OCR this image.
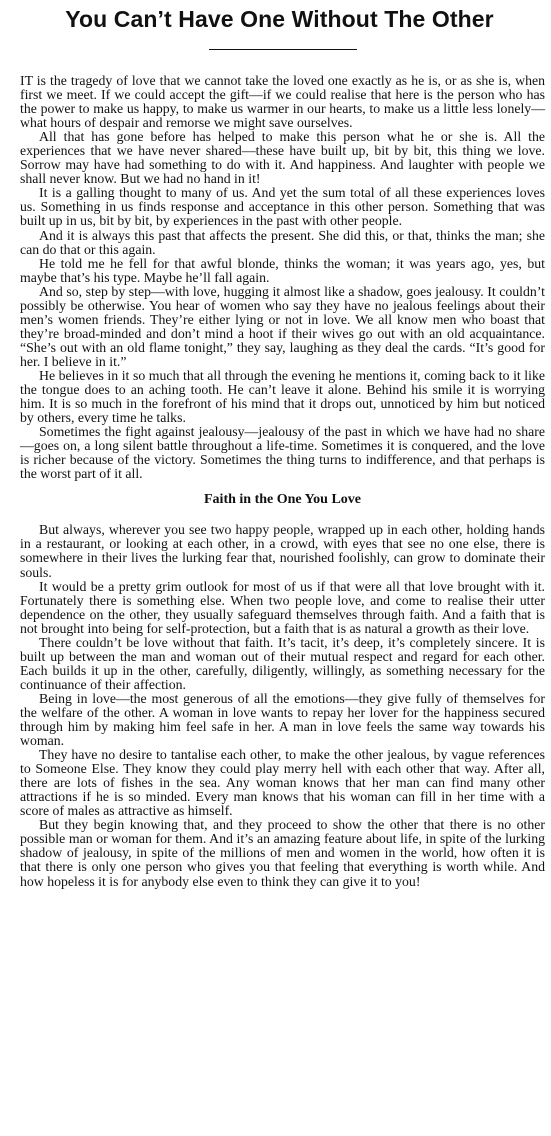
You Can’t Have One Without The Other

IT is the tragedy of love that we cannot take the loved one exactly as he is, or as she is, when first we meet. If we could accept the gift—if we could realise that here is the person who has the power to make us happy, to make us warmer in our hearts, to make us a little less lonely—what hours of despair and remorse we might save ourselves.

All that has gone before has helped to make this person what he or she is. All the experiences that we have never shared—these have built up, bit by bit, this thing we love. Sorrow may have had something to do with it. And happiness. And laughter with people we shall never know. But we had no hand in it!

It is a galling thought to many of us. And yet the sum total of all these experiences loves us. Something in us finds response and acceptance in this other person. Something that was built up in us, bit by bit, by experiences in the past with other people.

And it is always this past that affects the present. She did this, or that, thinks the man; she can do that or this again.

He told me he fell for that awful blonde, thinks the woman; it was years ago, yes, but maybe that’s his type. Maybe he’ll fall again.

And so, step by step—with love, hugging it almost like a shadow, goes jealousy. It couldn’t possibly be otherwise. You hear of women who say they have no jealous feelings about their men’s women friends. They’re either lying or not in love. We all know men who boast that they’re broad-minded and don’t mind a hoot if their wives go out with an old acquaintance. “She’s out with an old flame tonight,” they say, laughing as they deal the cards. “It’s good for her. I believe in it.”

He believes in it so much that all through the evening he mentions it, coming back to it like the tongue does to an aching tooth. He can’t leave it alone. Behind his smile it is worrying him. It is so much in the forefront of his mind that it drops out, unnoticed by him but noticed by others, every time he talks.

Sometimes the fight against jealousy—jealousy of the past in which we have had no share—goes on, a long silent battle throughout a life-time. Sometimes it is conquered, and the love is richer because of the victory. Sometimes the thing turns to indifference, and that perhaps is the worst part of it all.

Faith in the One You Love

But always, wherever you see two happy people, wrapped up in each other, holding hands in a restaurant, or looking at each other, in a crowd, with eyes that see no one else, there is somewhere in their lives the lurking fear that, nourished foolishly, can grow to dominate their souls.

It would be a pretty grim outlook for most of us if that were all that love brought with it. Fortunately there is something else. When two people love, and come to realise their utter dependence on the other, they usually safeguard themselves through faith. And a faith that is not brought into being for self-protection, but a faith that is as natural a growth as their love.

There couldn’t be love without that faith. It’s tacit, it’s deep, it’s completely sincere. It is built up between the man and woman out of their mutual respect and regard for each other. Each builds it up in the other, carefully, diligently, willingly, as something necessary for the continuance of their affection.

Being in love—the most generous of all the emotions—they give fully of themselves for the welfare of the other. A woman in love wants to repay her lover for the happiness secured through him by making him feel safe in her. A man in love feels the same way towards his woman.

They have no desire to tantalise each other, to make the other jealous, by vague references to Someone Else. They know they could play merry hell with each other that way. After all, there are lots of fishes in the sea. Any woman knows that her man can find many other attractions if he is so minded. Every man knows that his woman can fill in her time with a score of males as attractive as himself.

But they begin knowing that, and they proceed to show the other that there is no other possible man or woman for them. And it’s an amazing feature about life, in spite of the lurking shadow of jealousy, in spite of the millions of men and women in the world, how often it is that there is only one person who gives you that feeling that everything is worth while. And how hopeless it is for anybody else even to think they can give it to you!
